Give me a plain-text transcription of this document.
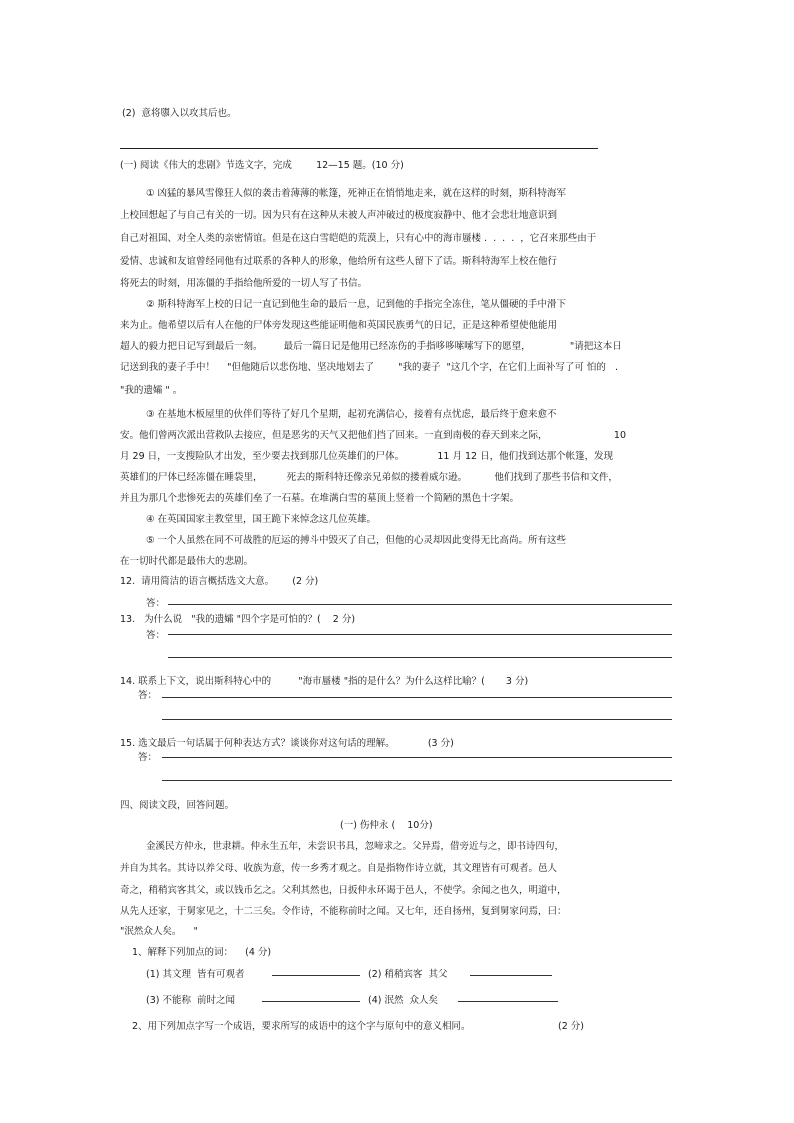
(2)  意将隳入以攻其后也。
(一) 阅读《伟大的悲剧》节选文字，完成        12—15 题。(10 分)
① 凶猛的暴风雪像狂人似的袭击着薄薄的帐篷，死神正在悄悄地走来，就在这样的时刻，斯科特海军
上校回想起了与自己有关的一切。因为只有在这种从未被人声冲破过的极度寂静中、他才会悲壮地意识到
自己对祖国、对全人类的亲密情谊。但是在这白雪皑皑的荒漠上，只有心中的海市蜃楼 .  .  .  .  ，它召来那些由于
爱情、忠诚和友谊曾经同他有过联系的各种人的形象，他给所有这些人留下了话。斯科特海军上校在他行
将死去的时刻，用冻僵的手指给他所爱的一切人写了书信。
② 斯科特海军上校的日记一直记到他生命的最后一息，记到他的手指完全冻住，笔从僵硬的手中滑下
来为止。他希望以后有人在他的尸体旁发现这些能证明他和英国民族勇气的日记，正是这种希望使他能用
超人的毅力把日记写到最后一刻。       最后一篇日记是他用已经冻伤的手指哆哆嗦嗦写下的愿望，             "请把这本日
记送到我的妻子手中！    "但他随后以悲伤地、坚决地划去了        "我的妻子  "这几个字，在它们上面补写了可 怕的   .
"我的遗孀 " 。
③ 在基地木板屋里的伙伴们等待了好几个星期，起初充满信心，接着有点忧虑，最后终于愈来愈不
安。他们曾两次派出营救队去接应，但是恶劣的天气又把他们挡了回来。一直到南极的春天到来之际，                      10
月 29 日，一支搜险队才出发，至少要去找到那几位英雄们的尸体。           11 月 12 日，他们找到达那个帐篷，发现
英雄们的尸体已经冻僵在睡袋里，        死去的斯科特还像亲兄弟似的搂着威尔逊。         他们找到了那些书信和文件，
并且为那几个悲惨死去的英雄们垒了一石墓。在堆满白雪的墓顶上竖着一个简陋的黑色十字架。
④ 在英国国家主教堂里，国王跪下来悼念这几位英雄。
⑤ 一个人虽然在同不可战胜的厄运的搏斗中毁灭了自己，但他的心灵却因此变得无比高尚。所有这些
在一切时代都是最伟大的悲剧。
12.  请用简洁的语言概括选文大意。      (2 分)
答：
13.   为什么说   "我的遗孀 "四个字是可怕的？(    2 分)
答：
14. 联系上下文，说出斯科特心中的         "海市蜃楼 "指的是什么？为什么这样比喻？(       3 分)
答：
15. 选文最后一句话属于何种表达方式？谈谈你对这句话的理解。           (3 分)
答：
四、阅读文段，回答问题。
(一) 伤仲永 (    10分)
金溪民方仲永，世隶耕。仲永生五年，未尝识书具，忽啼求之。父异焉，借旁近与之，即书诗四句，
并自为其名。其诗以养父母、收族为意，传一乡秀才观之。自是指物作诗立就，其文理皆有可观者。邑人
奇之，稍稍宾客其父，或以钱币乞之。父利其然也，日扳仲永环谒于邑人，不使学。余闻之也久，明道中，
从先人还家，于舅家见之，十二三矣。令作诗，不能称前时之闻。又七年，还自扬州，复到舅家问焉，曰：
"泯然众人矣。    "
1、解释下列加点的词：    (4 分)
(1) 其文理  皆有可观者	(2) 稍稍宾客  其父
(3) 不能称  前时之闻	(4) 泯然  众人矣
2、用下列加点字写一个成语，要求所写的成语中的这个字与原句中的意义相同。	(2 分)
